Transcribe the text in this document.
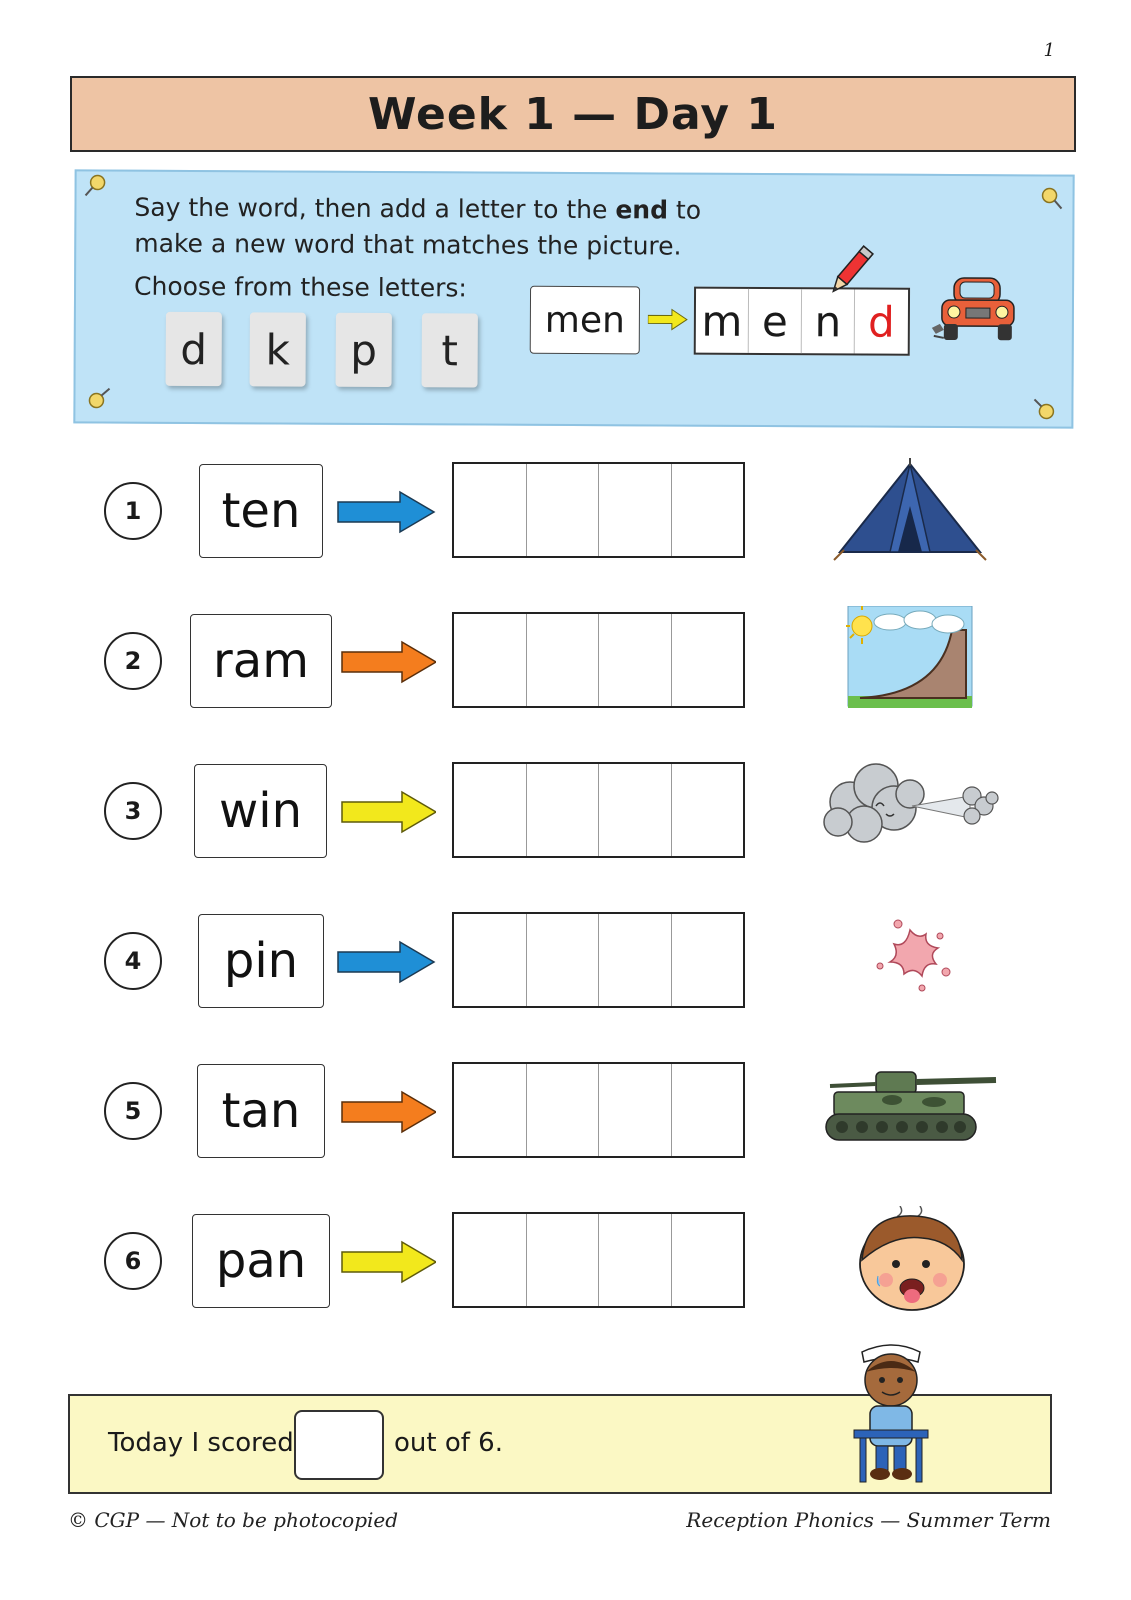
1
Week 1 — Day 1
Say the word, then add a letter to the end to
make a new word that matches the picture.
Choose from these letters:
d	k	p	t
men	m e n d
1	ten
2	ram
3	win
4	pin
5	tan
6	pan
Today I scored	out of 6.
© CGP — Not to be photocopied	Reception Phonics — Summer Term
